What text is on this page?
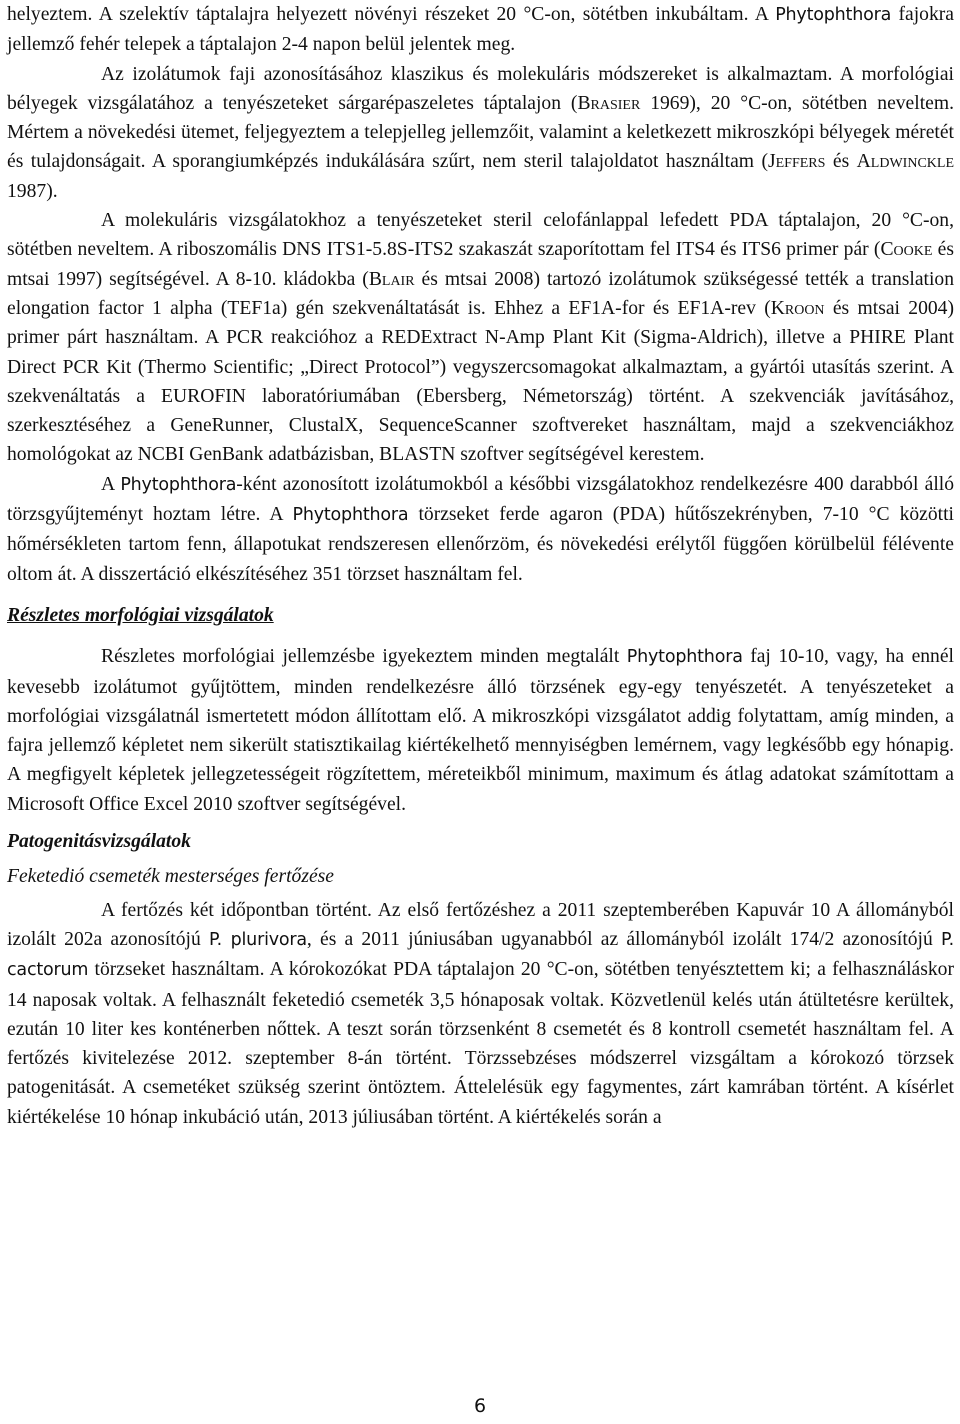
helyeztem. A szelektív táptalajra helyezett növényi részeket 20 °C-on, sötétben inkubáltam. A Phytophthora fajokra jellemző fehér telepek a táptalajon 2-4 napon belül jelentek meg.

Az izolátumok faji azonosításához klaszikus és molekuláris módszereket is alkalmaztam. A morfológiai bélyegek vizsgálatához a tenyészeteket sárgarépaszeletes táptalajon (Brasier 1969), 20 °C-on, sötétben neveltem. Mértem a növekedési ütemet, feljegyeztem a telepjelleg jellemzőit, valamint a keletkezett mikroszkópi bélyegek méretét és tulajdonságait. A sporangiumképzés indukálására szűrt, nem steril talajoldatot használtam (Jeffers és Aldwinckle 1987).

A molekuláris vizsgálatokhoz a tenyészeteket steril celofánlappal lefedett PDA táptalajon, 20 °C-on, sötétben neveltem. A riboszomális DNS ITS1-5.8S-ITS2 szakaszát szaporítottam fel ITS4 és ITS6 primer pár (Cooke és mtsai 1997) segítségével. A 8-10. kládokba (Blair és mtsai 2008) tartozó izolátumok szükségessé tették a translation elongation factor 1 alpha (TEF1a) gén szekvenáltatását is. Ehhez a EF1A-for és EF1A-rev (Kroon és mtsai 2004) primer párt használtam. A PCR reakcióhoz a REDExtract N-Amp Plant Kit (Sigma-Aldrich), illetve a PHIRE Plant Direct PCR Kit (Thermo Scientific; „Direct Protocol”) vegyszercsomagokat alkalmaztam, a gyártói utasítás szerint. A szekvenáltatás a EUROFIN laboratóriumában (Ebersberg, Németország) történt. A szekvenciák javításához, szerkesztéséhez a GeneRunner, ClustalX, SequenceScanner szoftvereket használtam, majd a szekvenciákhoz homológokat az NCBI GenBank adatbázisban, BLASTN szoftver segítségével kerestem.

A Phytophthora-ként azonosított izolátumokból a későbbi vizsgálatokhoz rendelkezésre 400 darabból álló törzsgyűjteményt hoztam létre. A Phytophthora törzseket ferde agaron (PDA) hűtőszekrényben, 7-10 °C közötti hőmérsékleten tartom fenn, állapotukat rendszeresen ellenőrzöm, és növekedési erélytől függően körülbelül félévente oltom át. A disszertáció elkészítéséhez 351 törzset használtam fel.

Részletes morfológiai vizsgálatok

Részletes morfológiai jellemzésbe igyekeztem minden megtalált Phytophthora faj 10-10, vagy, ha ennél kevesebb izolátumot gyűjtöttem, minden rendelkezésre álló törzsének egy-egy tenyészetét. A tenyészeteket a morfológiai vizsgálatnál ismertetett módon állítottam elő. A mikroszkópi vizsgálatot addig folytattam, amíg minden, a fajra jellemző képletet nem sikerült statisztikailag kiértékelhető mennyiségben lemérnem, vagy legkésőbb egy hónapig. A megfigyelt képletek jellegzetességeit rögzítettem, méreteikből minimum, maximum és átlag adatokat számítottam a Microsoft Office Excel 2010 szoftver segítségével.

Patogenitásvizsgálatok

Feketedió csemeték mesterséges fertőzése

A fertőzés két időpontban történt. Az első fertőzéshez a 2011 szeptemberében Kapuvár 10 A állományból izolált 202a azonosítójú P. plurivora, és a 2011 júniusában ugyanabból az állományból izolált 174/2 azonosítójú P. cactorum törzseket használtam. A kórokozókat PDA táptalajon 20 °C-on, sötétben tenyésztettem ki; a felhasználáskor 14 naposak voltak. A felhasznált feketedió csemeték 3,5 hónaposak voltak. Közvetlenül kelés után átültetésre kerültek, ezután 10 liter kes konténerben nőttek. A teszt során törzsenként 8 csemetét és 8 kontroll csemetét használtam fel. A fertőzés kivitelezése 2012. szeptember 8-án történt. Törzssebzéses módszerrel vizsgáltam a kórokozó törzsek patogenitását. A csemetéket szükség szerint öntöztem. Áttelelésük egy fagymentes, zárt kamrában történt. A kísérlet kiértékelése 10 hónap inkubáció után, 2013 júliusában történt. A kiértékelés során a

6
